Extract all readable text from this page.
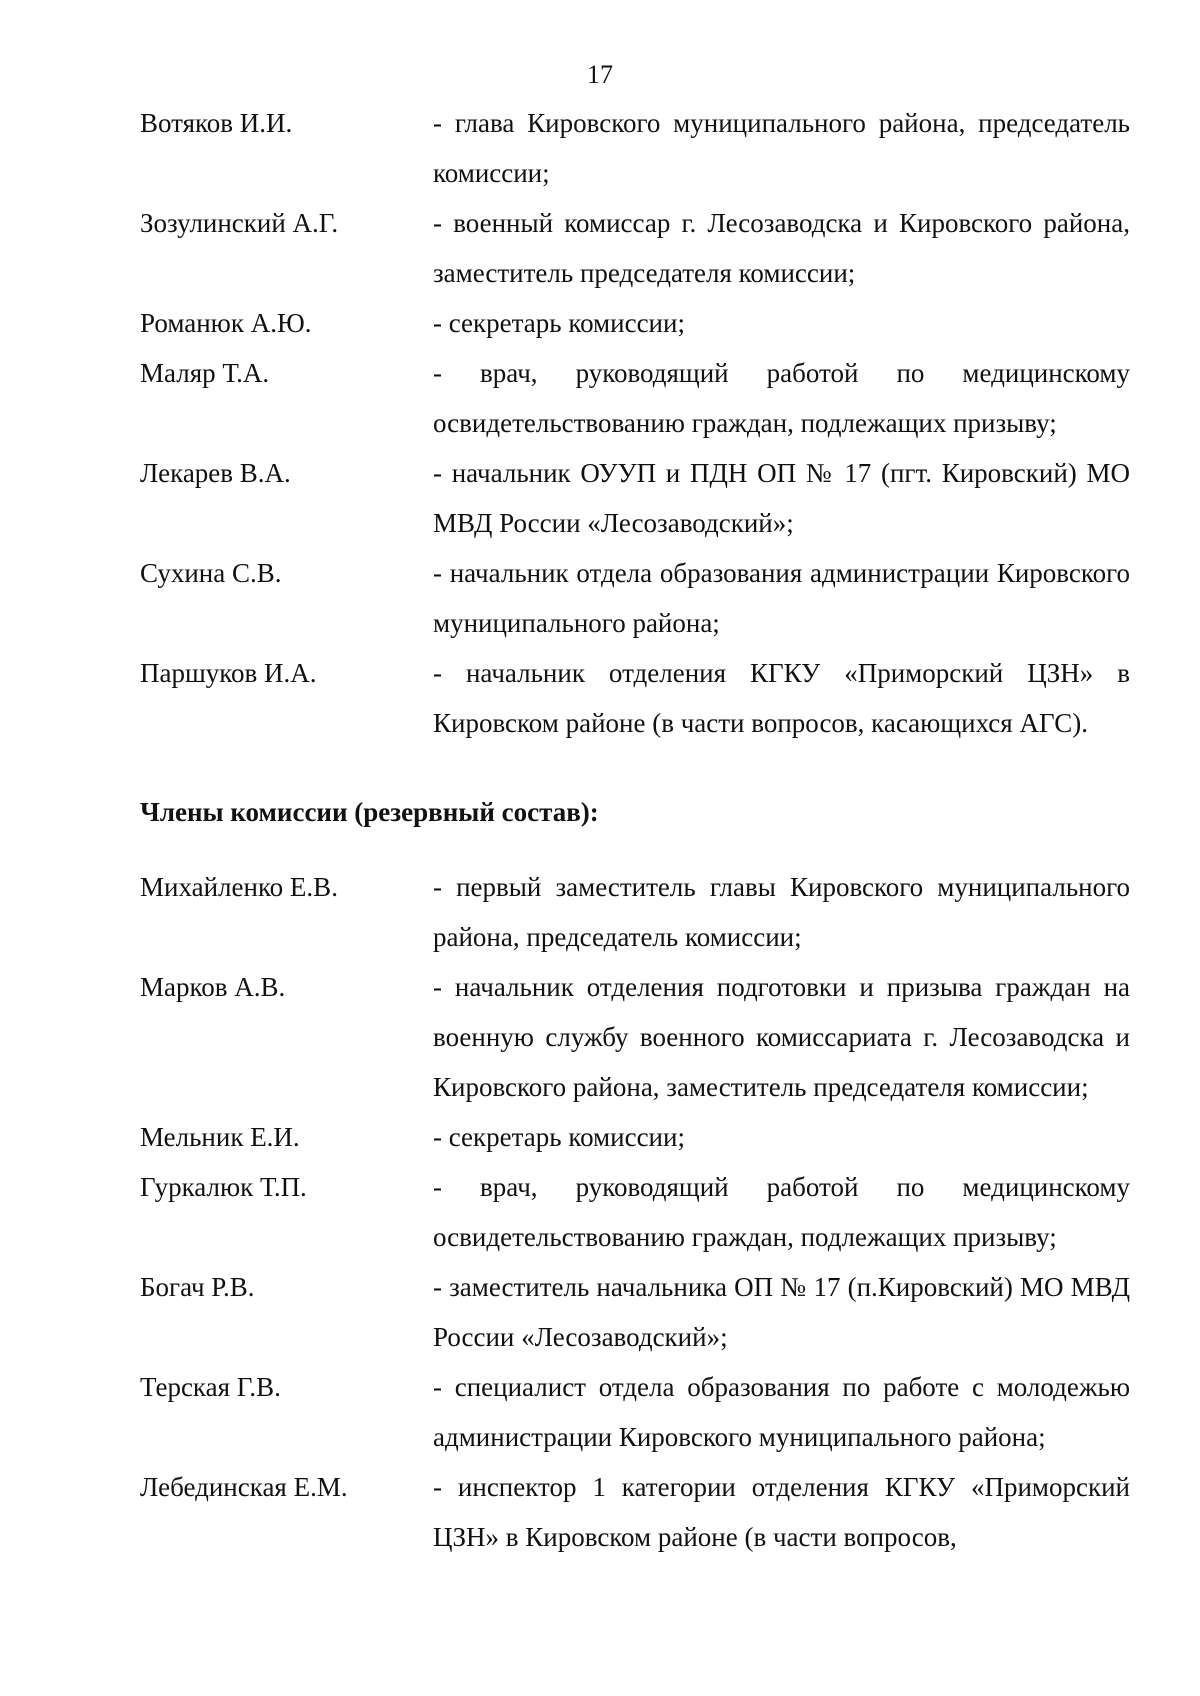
17
Вотяков И.И.	- глава Кировского муниципального района, председатель комиссии;
Зозулинский А.Г.	- военный комиссар г. Лесозаводска и Кировского района, заместитель председателя комиссии;
Романюк А.Ю.	- секретарь комиссии;
Маляр Т.А.	- врач, руководящий работой по медицинскому освидетельствованию граждан, подлежащих призыву;
Лекарев В.А.	- начальник ОУУП и ПДН ОП № 17 (пгт. Кировский) МО МВД России «Лесозаводский»;
Сухина С.В.	- начальник отдела образования администрации Кировского муниципального района;
Паршуков И.А.	- начальник отделения КГКУ «Приморский ЦЗН» в Кировском районе (в части вопросов, касающихся АГС).
Члены комиссии (резервный состав):
Михайленко Е.В.	- первый заместитель главы Кировского муниципального района, председатель комиссии;
Марков А.В.	- начальник отделения подготовки и призыва граждан на военную службу военного комиссариата г. Лесозаводска и Кировского района, заместитель председателя комиссии;
Мельник Е.И.	- секретарь комиссии;
Гуркалюк Т.П.	- врач, руководящий работой по медицинскому освидетельствованию граждан, подлежащих призыву;
Богач Р.В.	- заместитель начальника ОП № 17 (п.Кировский) МО МВД России «Лесозаводский»;
Терская Г.В.	- специалист отдела образования по работе с молодежью администрации Кировского муниципального района;
Лебединская Е.М.	- инспектор 1 категории отделения КГКУ «Приморский ЦЗН» в Кировском районе (в части вопросов,
